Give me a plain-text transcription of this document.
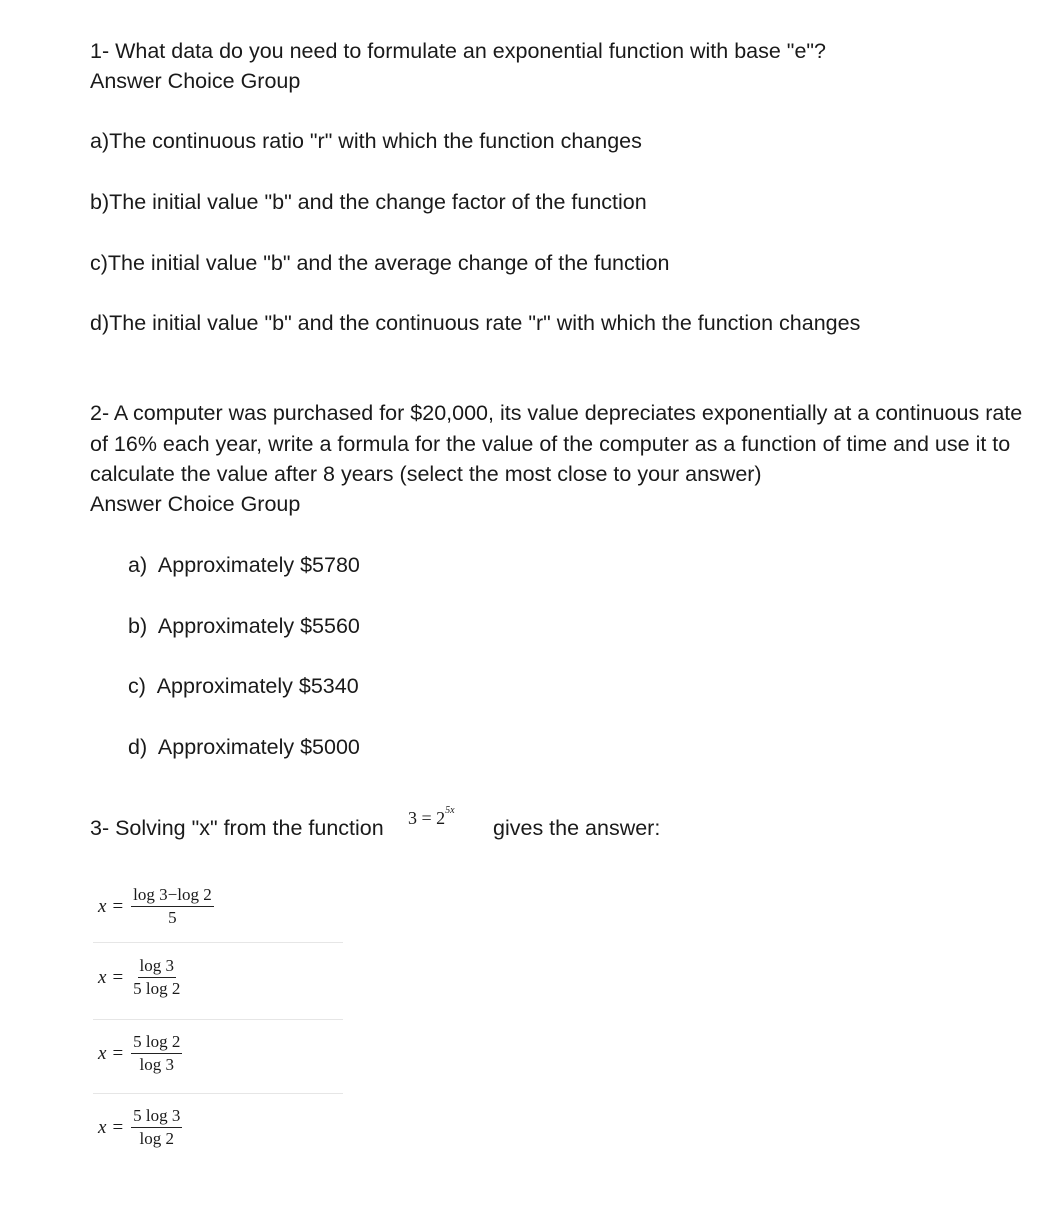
1- What data do you need to formulate an exponential function with base "e"?
Answer Choice Group
a)The continuous ratio "r" with which the function changes
b)The initial value "b" and the change factor of the function
c)The initial value "b" and the average change of the function
d)The initial value "b" and the continuous rate "r" with which the function changes
2- A computer was purchased for $20,000, its value depreciates exponentially at a continuous rate of 16% each year, write a formula for the value of the computer as a function of time and use it to calculate the value after 8 years (select the most close to your answer)
Answer Choice Group
a) Approximately $5780
b) Approximately $5560
c) Approximately $5340
d) Approximately $5000
3- Solving "x" from the function $3 = 2^{5x}$
gives the answer:
$x = \frac{\log 3-\log 2}{5}$
$x = \frac{\log 3}{5 \log 2}$
$x = \frac{5 \log 2}{\log 3}$
$x = \frac{5 \log 3}{\log 2}$
